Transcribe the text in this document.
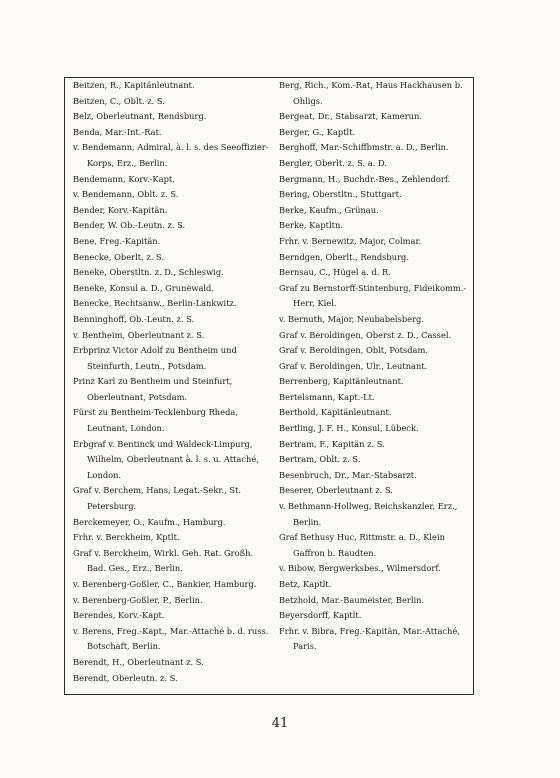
Beitzen, R., Kapitänleutnant.

Beitzen, C., Oblt. z. S.

Belz, Oberleutnant, Rendsburg.

Benda, Mar.-Int.-Rat.

v. Bendemann, Admiral, à. l. s. des Seeoffizier-Korps, Erz., Berlin.

Bendemann, Korv.-Kapt.

v. Bendemann, Oblt. z. S.

Bender, Korv.-Kapitän.

Bender, W. Ob.-Leutn. z. S.

Bene, Freg.-Kapitän.

Benecke, Oberlt. z. S.

Beneke, Oberstltn. z. D., Schleswig.

Beneke, Konsul a. D., Grunewald.

Benecke, Rechtsanw., Berlin-Lankwitz.

Benninghoff, Ob.-Leutn. z. S.

v. Bentheim, Oberleutnant z. S.

Erbprinz Victor Adolf zu Bentheim und Steinfurth, Leutn., Potsdam.

Prinz Karl zu Bentheim und Steinfurt, Oberleutnant, Potsdam.

Fürst zu Bentheim-Tecklenburg Rheda, Leutnant, London.

Erbgraf v. Bentinck und Waldeck-Limpurg, Wilhelm, Oberleutnant à. l. s. u. Attaché, London.

Graf v. Berchem, Hans, Legat.-Sekr., St. Petersburg.

Berckemeyer, O., Kaufm., Hamburg.

Frhr. v. Berckheim, Kptlt.

Graf v. Berckheim, Wirkl. Geh. Rat. Großh. Bad. Ges., Erz., Berlin.

v. Berenberg-Goßler, C., Bankier, Hamburg.

v. Berenberg-Goßler, P., Berlin.

Berendes, Korv.-Kapt.

v. Berens, Freg.-Kapt., Mar.-Attaché b. d. russ. Botschaft, Berlin.

Berendt, H., Oberleutnant z. S.

Berendt, Oberleutn. z. S.

Berg, Rich., Kom.-Rat, Haus Hackhausen b. Ohligs.

Bergeat, Dr., Stabsarzt, Kamerun.

Berger, G., Kaptlt.

Berghoff, Mar.-Schiffbmstr. a. D., Berlin.

Bergler, Oberlt. z. S. a. D.

Bergmann, H., Buchdr.-Bes., Zehlendorf.

Bering, Oberstltn., Stuttgart.

Berke, Kaufm., Grünau.

Berke, Kaptltn.

Frhr. v. Bernewitz, Major, Colmar.

Berndgen, Oberlt., Rendsburg.

Bernsau, C., Hügel a. d. R.

Graf zu Bernstorff-Stintenburg, Fideikomm.-Herr, Kiel.

v. Bernuth, Major, Neubabelsberg.

Graf v. Beroldingen, Oberst z. D., Cassel.

Graf v. Beroldingen, Oblt, Potsdam.

Graf v. Beroldingen, Ulr., Leutnant.

Berrenberg, Kapitänleutnant.

Bertelsmann, Kapt.-Lt.

Berthold, Kapitänleutnant.

Bertling, J. F. H., Konsul, Lübeck.

Bertram, F., Kapitän z. S.

Bertram, Oblt. z. S.

Besenbruch, Dr., Mar.-Stabsarzt.

Beserer, Oberleutnant z. S.

v. Bethmann-Hollweg, Reichskanzler, Erz., Berlin.

Graf Bethusy Huc, Rittmstr. a. D., Klein Gaffron b. Raudten.

v. Bibow, Bergwerksbes., Wilmersdorf.

Betz, Kaptlt.

Betzhold, Mar.-Baumeister, Berlin.

Beyersdorff, Kaptlt.

Frhr. v. Bibra, Freg.-Kapitän, Mar.-Attaché, Paris.

41
